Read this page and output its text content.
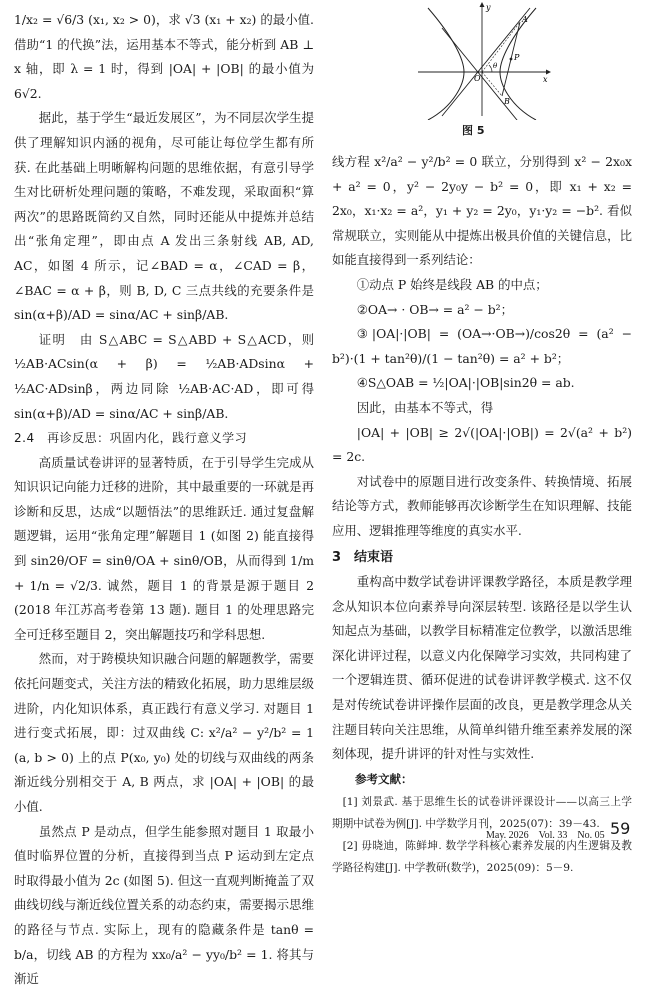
y
x
O
A
B
P
θ
图 5

1/x₂ = √6/3 (x₁, x₂ > 0)，求 √3 (x₁ + x₂) 的最小值. 借助“1 的代换”法，运用基本不等式，能分析到 AB ⊥ x 轴，即 λ = 1 时，得到 |OA| + |OB| 的最小值为 6√2.

据此，基于学生“最近发展区”，为不同层次学生提供了理解知识内涵的视角，尽可能让每位学生都有所获. 在此基础上明晰解构问题的思维依据，有意引导学生对比研析处理问题的策略，不难发现，采取面积“算两次”的思路既简约又自然，同时还能从中提炼并总结出“张角定理”，即由点 A 发出三条射线 AB, AD, AC，如图 4 所示，记∠BAD = α，∠CAD = β，∠BAC = α + β，则 B, D, C 三点共线的充要条件是 sin(α+β)/AD = sinα/AC + sinβ/AB.

证明　由 S△ABC = S△ABD + S△ACD，则 ½AB·ACsin(α + β) = ½AB·ADsinα + ½AC·ADsinβ，两边同除 ½AB·AC·AD，即可得 sin(α+β)/AD = sinα/AC + sinβ/AB.

2.4　再诊反思：巩固内化，践行意义学习

高质量试卷讲评的显著特质，在于引导学生完成从知识识记向能力迁移的进阶，其中最重要的一环就是再诊断和反思，达成“以题悟法”的思维跃迁. 通过复盘解题逻辑，运用“张角定理”解题目 1 (如图 2) 能直接得到 sin2θ/OF = sinθ/OA + sinθ/OB，从而得到 1/m + 1/n = √2/3. 诚然，题目 1 的背景是源于题目 2 (2018 年江苏高考卷第 13 题). 题目 1 的处理思路完全可迁移至题目 2，突出解题技巧和学科思想.

然而，对于跨模块知识融合问题的解题教学，需要依托问题变式，关注方法的精致化拓展，助力思维层级进阶，内化知识体系，真正践行有意义学习. 对题目 1 进行变式拓展，即：过双曲线 C: x²/a² − y²/b² = 1 (a, b > 0) 上的点 P(x₀, y₀) 处的切线与双曲线的两条渐近线分别相交于 A, B 两点，求 |OA| + |OB| 的最小值.

虽然点 P 是动点，但学生能参照对题目 1 取最小值时临界位置的分析，直接得到当点 P 运动到左定点时取得最小值为 2c (如图 5). 但这一直观判断掩盖了双曲线切线与渐近线位置关系的动态约束，需要揭示思维的路径与节点. 实际上，现有的隐藏条件是 tanθ = b/a，切线 AB 的方程为 xx₀/a² − yy₀/b² = 1. 将其与渐近

线方程 x²/a² − y²/b² = 0 联立，分别得到 x² − 2x₀x + a² = 0，y² − 2y₀y − b² = 0，即 x₁ + x₂ = 2x₀，x₁·x₂ = a²，y₁ + y₂ = 2y₀，y₁·y₂ = −b². 看似常规联立，实则能从中提炼出极具价值的关键信息，比如能直接得到一系列结论：

①动点 P 始终是线段 AB 的中点；

②OA→ · OB→ = a² − b²；

③|OA|·|OB| = (OA→·OB→)/cos2θ = (a² − b²)·(1 + tan²θ)/(1 − tan²θ) = a² + b²；

④S△OAB = ½|OA|·|OB|sin2θ = ab.

因此，由基本不等式，得

|OA| + |OB| ≥ 2√(|OA|·|OB|) = 2√(a² + b²) = 2c.

对试卷中的原题目进行改变条件、转换情境、拓展结论等方式，教师能够再次诊断学生在知识理解、技能应用、逻辑推理等维度的真实水平.

3　结束语

重构高中数学试卷讲评课教学路径，本质是教学理念从知识本位向素养导向深层转型. 该路径是以学生认知起点为基础，以教学目标精准定位教学，以激活思维深化讲评过程，以意义内化保障学习实效，共同构建了一个逻辑连贯、循环促进的试卷讲评教学模式. 这不仅是对传统试卷讲评操作层面的改良，更是教学理念从关注题目转向关注思维，从简单纠错升维至素养发展的深刻体现，提升讲评的针对性与实效性.

参考文献：

[1] 刘景武. 基于思维生长的试卷讲评课设计——以高三上学期期中试卷为例[J]. 中学数学月刊，2025(07)：39－43.

[2] 毋晓迪，陈鲜坤. 数学学科核心素养发展的内生逻辑及教学路径构建[J]. 中学教研(数学)，2025(09)：5－9.

May. 2026　Vol. 33　No. 05 59
